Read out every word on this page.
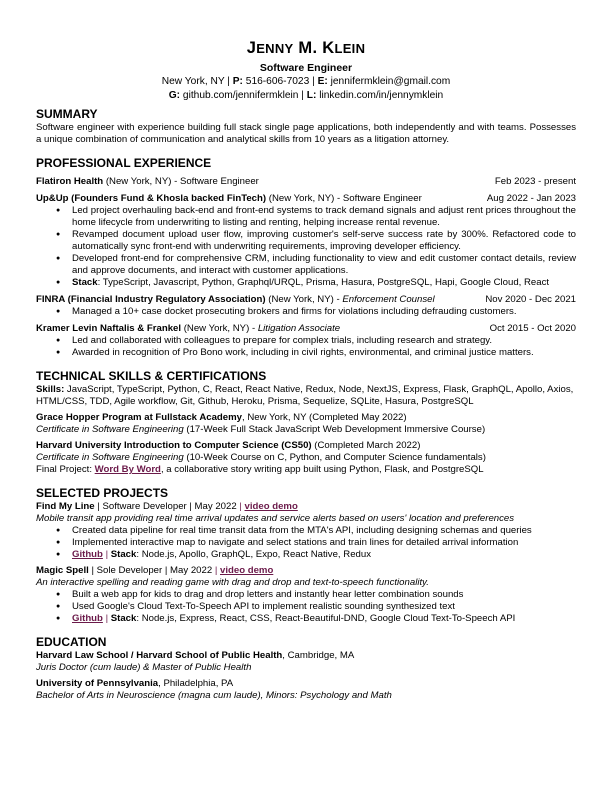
JENNY M. KLEIN
Software Engineer
New York, NY | P: 516-606-7023 | E: jennifermklein@gmail.com
G: github.com/jennifermklein | L: linkedin.com/in/jennymklein
SUMMARY
Software engineer with experience building full stack single page applications, both independently and with teams. Possesses a unique combination of communication and analytical skills from 10 years as a litigation attorney.
PROFESSIONAL EXPERIENCE
Flatiron Health (New York, NY) - Software Engineer	Feb 2023 - present
Up&Up (Founders Fund & Khosla backed FinTech) (New York, NY) - Software Engineer	Aug 2022 - Jan 2023
● Led project overhauling back-end and front-end systems to track demand signals and adjust rent prices throughout the home lifecycle from underwriting to listing and renting, helping increase rental revenue.
● Revamped document upload user flow, improving customer's self-serve success rate by 300%. Refactored code to automatically sync front-end with underwriting requirements, improving developer efficiency.
● Developed front-end for comprehensive CRM, including functionality to view and edit customer contact details, review and approve documents, and interact with customer applications.
● Stack: TypeScript, Javascript, Python, Graphql/URQL, Prisma, Hasura, PostgreSQL, Hapi, Google Cloud, React
FINRA (Financial Industry Regulatory Association) (New York, NY) - Enforcement Counsel	Nov 2020 - Dec 2021
● Managed a 10+ case docket prosecuting brokers and firms for violations including defrauding customers.
Kramer Levin Naftalis & Frankel (New York, NY) - Litigation Associate	Oct 2015 - Oct 2020
● Led and collaborated with colleagues to prepare for complex trials, including research and strategy.
● Awarded in recognition of Pro Bono work, including in civil rights, environmental, and criminal justice matters.
TECHNICAL SKILLS & CERTIFICATIONS
Skills: JavaScript, TypeScript, Python, C, React, React Native, Redux, Node, NextJS, Express, Flask, GraphQL, Apollo, Axios, HTML/CSS, TDD, Agile workflow, Git, Github, Heroku, Prisma, Sequelize, SQLite, Hasura, PostgreSQL
Grace Hopper Program at Fullstack Academy, New York, NY (Completed May 2022)
Certificate in Software Engineering (17-Week Full Stack JavaScript Web Development Immersive Course)
Harvard University Introduction to Computer Science (CS50) (Completed March 2022)
Certificate in Software Engineering (10-Week Course on C, Python, and Computer Science fundamentals)
Final Project: Word By Word, a collaborative story writing app built using Python, Flask, and PostgreSQL
SELECTED PROJECTS
Find My Line | Software Developer | May 2022 | video demo
Mobile transit app providing real time arrival updates and service alerts based on users' location and preferences
● Created data pipeline for real time transit data from the MTA's API, including designing schemas and queries
● Implemented interactive map to navigate and select stations and train lines for detailed arrival information
● Github | Stack: Node.js, Apollo, GraphQL, Expo, React Native, Redux
Magic Spell | Sole Developer | May 2022 | video demo
An interactive spelling and reading game with drag and drop and text-to-speech functionality.
● Built a web app for kids to drag and drop letters and instantly hear letter combination sounds
● Used Google's Cloud Text-To-Speech API to implement realistic sounding synthesized text
● Github | Stack: Node.js, Express, React, CSS, React-Beautiful-DND, Google Cloud Text-To-Speech API
EDUCATION
Harvard Law School / Harvard School of Public Health, Cambridge, MA
Juris Doctor (cum laude) & Master of Public Health
University of Pennsylvania, Philadelphia, PA
Bachelor of Arts in Neuroscience (magna cum laude), Minors: Psychology and Math
